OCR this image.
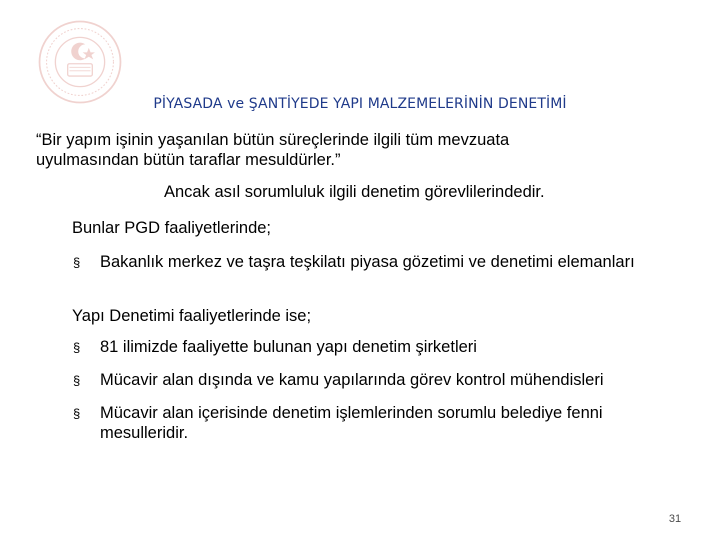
PİYASADA ve ŞANTİYEDE YAPI MALZEMELERİNİN DENETİMİ
“Bir yapım işinin yaşanılan bütün süreçlerinde ilgili tüm mevzuata uyulmasından bütün taraflar mesuldürler.”
Ancak asıl sorumluluk ilgili denetim görevlilerindedir.
Bunlar PGD faaliyetlerinde;
§ Bakanlık merkez ve taşra teşkilatı piyasa gözetimi ve denetimi elemanları
Yapı Denetimi faaliyetlerinde ise;
§ 81 ilimizde faaliyette bulunan yapı denetim şirketleri
§ Mücavir alan dışında ve kamu yapılarında görev kontrol mühendisleri
§ Mücavir alan içerisinde denetim işlemlerinden sorumlu belediye fenni mesulleridir.
31
